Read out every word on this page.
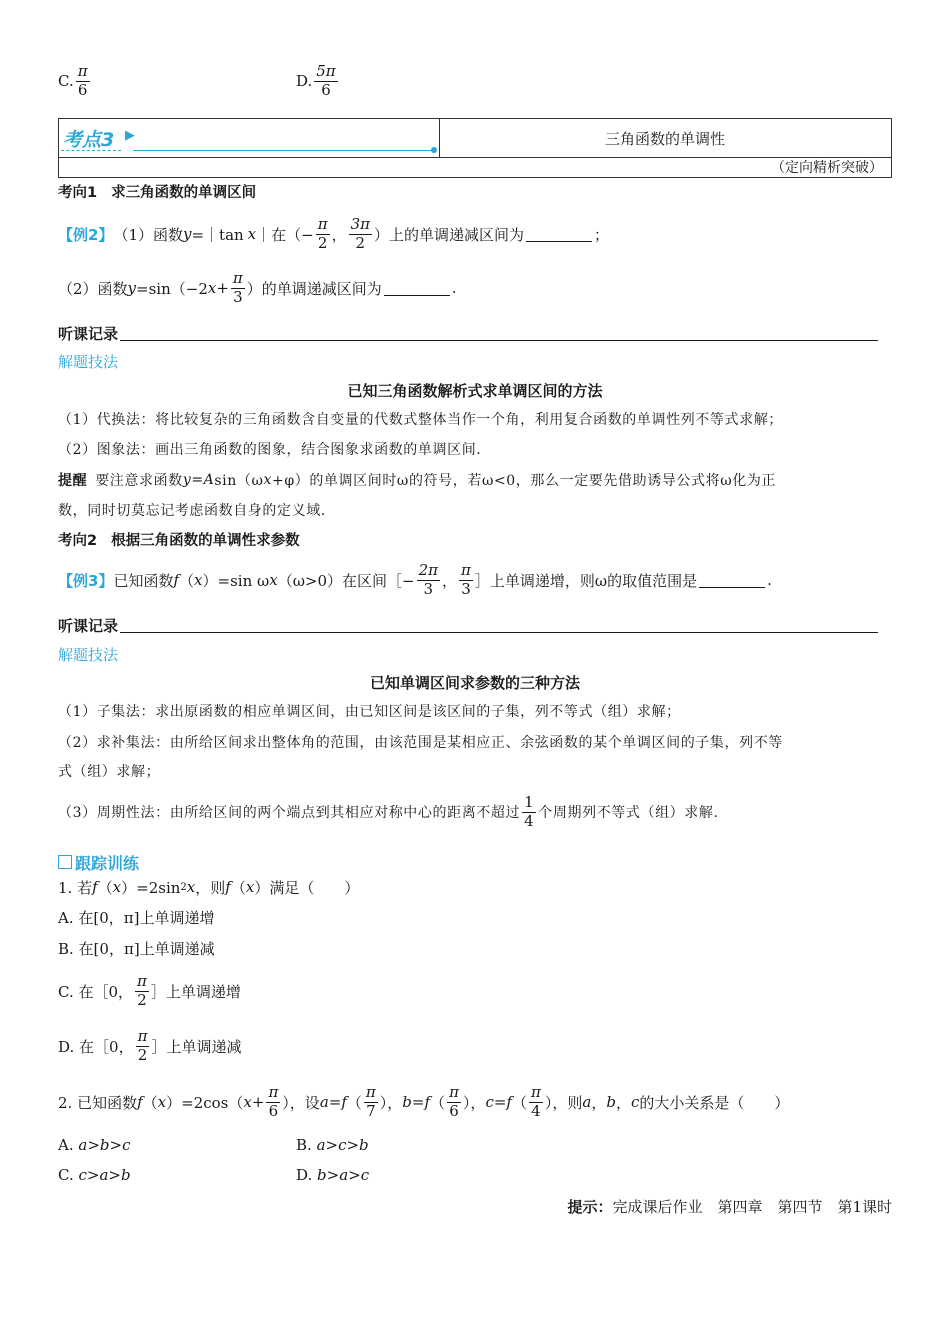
C. $\frac{\pi}{6}$	D. $\frac{5\pi}{6}$
考点3 ▶	三角函数的单调性
（定向精析突破）
考向1 求三角函数的单调区间
【例2】 （1）函数 y =｜tan x ｜在（− $\frac{\pi}{2}$ ， $\frac{3\pi}{2}$ ）上的单调递减区间为	；
（2）函数 y =sin（−2 $x + \frac{\pi}{3}$ ）的单调递减区间为	.
听课记录
解题技法
已知三角函数解析式求单调区间的方法
（1）代换法：将比较复杂的三角函数含自变量的代数式整体当作一个角，利用复合函数的单调性列不等式求解；
（2）图象法：画出三角函数的图象，结合图象求函数的单调区间.
提醒 要注意求函数 y = A sin（ω x +φ）的单调区间时ω的符号，若ω<0，那么一定要先借助诱导公式将ω化为正
数，同时切莫忘记考虑函数自身的定义域.
考向2 根据三角函数的单调性求参数
【例3】 已知函数 f （ x ）=sin ω x （ω>0）在区间［− $\frac{2\pi}{3}$ ， $\frac{\pi}{3}$ ］上单调递增，则ω的取值范围是	.
听课记录
解题技法
已知单调区间求参数的三种方法
（1）子集法：求出原函数的相应单调区间，由已知区间是该区间的子集，列不等式（组）求解；
（2）求补集法：由所给区间求出整体角的范围，由该范围是某相应正、余弦函数的某个单调区间的子集，列不等
式（组）求解；
（3）周期性法：由所给区间的两个端点到其相应对称中心的距离不超过 $\frac{1}{4}$ 个周期列不等式（组）求解.
跟踪训练
1. 若 f （ x ）=2sin 2 x ，则 f （ x ）满足（　　）
A. 在[0，π]上单调递增
B. 在[0，π]上单调递减
C. 在［0， $\frac{\pi}{2}$ ］上单调递增
D. 在［0， $\frac{\pi}{2}$ ］上单调递减
2. 已知函数 f （ x ）=2cos（ $x + \frac{\pi}{6}$ ），设 a = f （ $\frac{\pi}{7}$ ）， b = f （ $\frac{\pi}{6}$ ）， c = f （ $\frac{\pi}{4}$ ），则 a ， b ， c 的大小关系是（　　）
A. a>b>c	B. a>c>b
C. c>a>b	D. b>a>c
提示：完成课后作业　第四章　第四节　第1课时
